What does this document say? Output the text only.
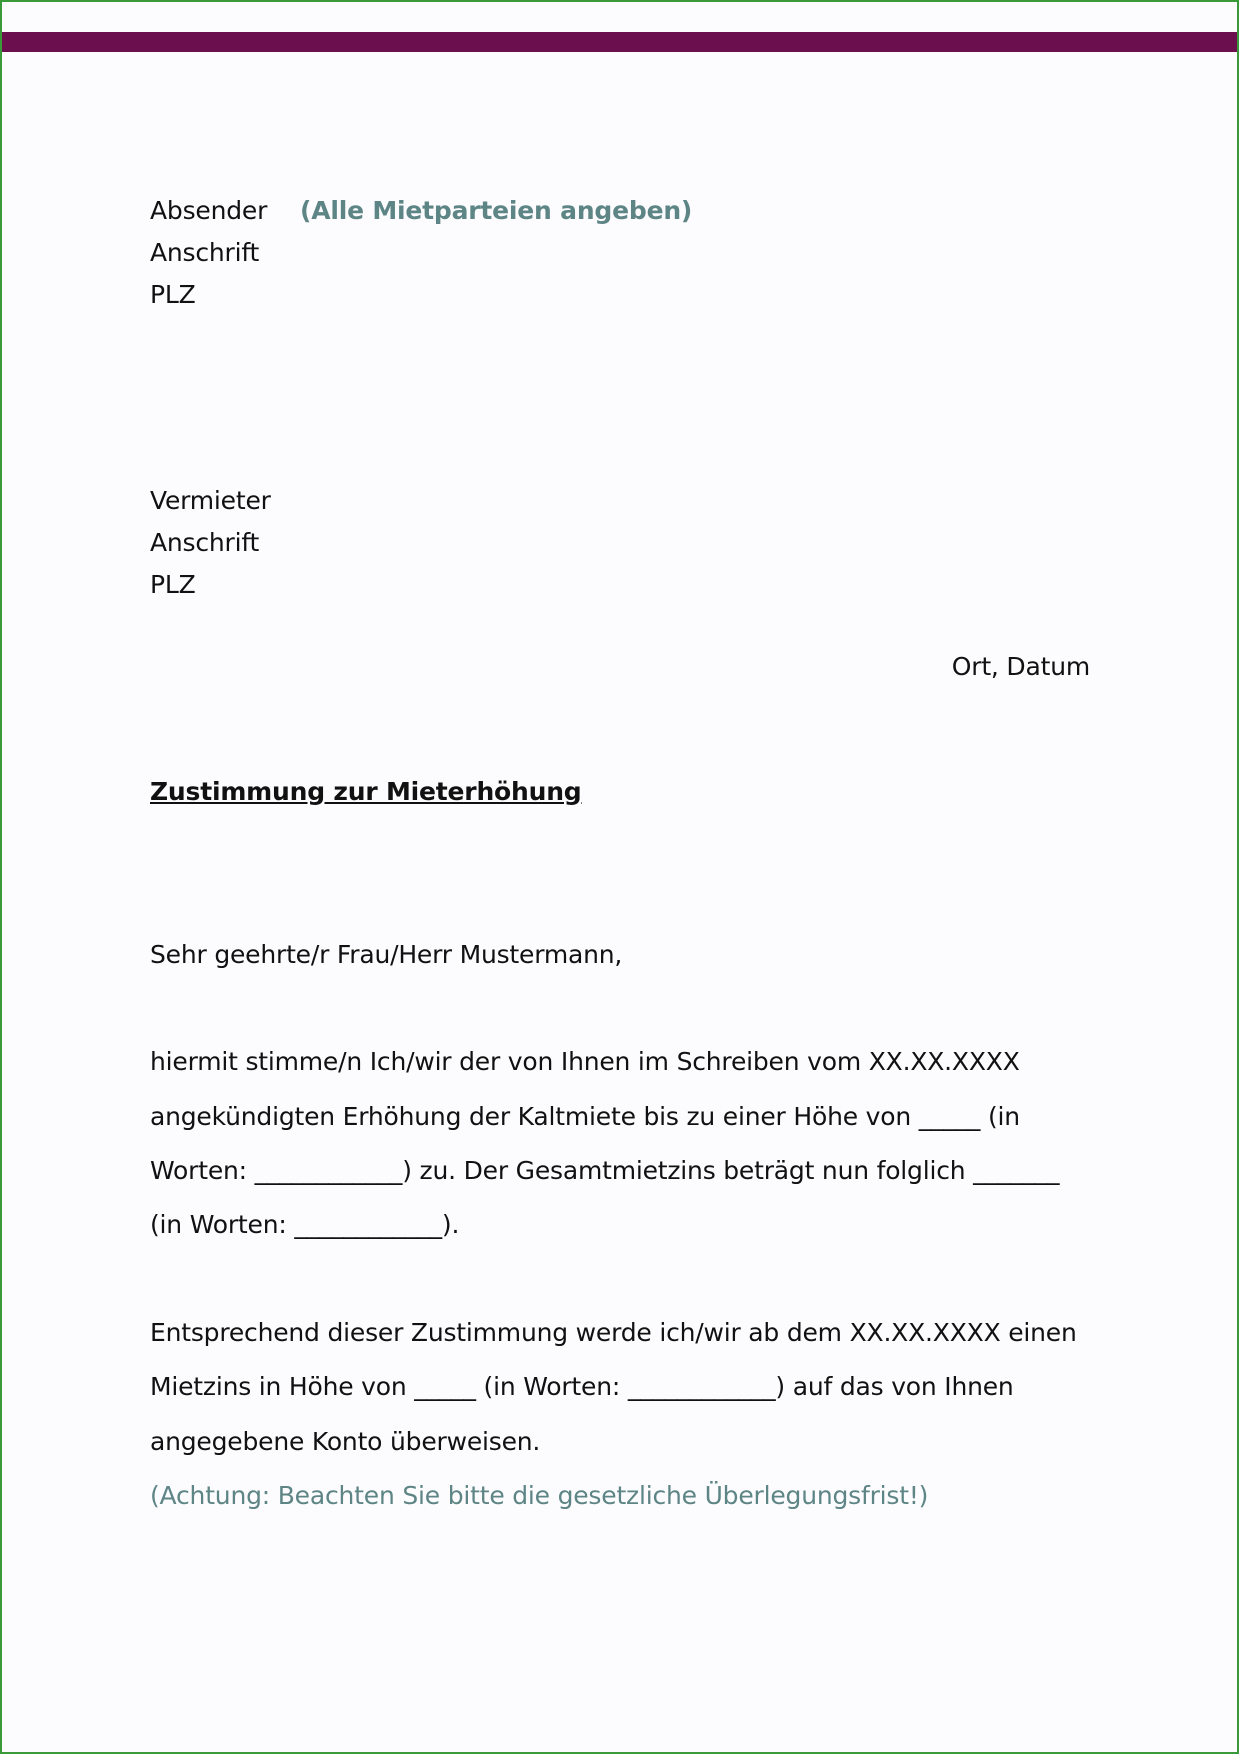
Absender (Alle Mietparteien angeben)
Anschrift
PLZ
Vermieter
Anschrift
PLZ
Ort, Datum
Zustimmung zur Mieterhöhung
Sehr geehrte/r Frau/Herr Mustermann,
hiermit stimme/n Ich/wir der von Ihnen im Schreiben vom XX.XX.XXXX
angekündigten Erhöhung der Kaltmiete bis zu einer Höhe von _____ (in
Worten: ____________) zu. Der Gesamtmietzins beträgt nun folglich _______
(in Worten: ____________).
Entsprechend dieser Zustimmung werde ich/wir ab dem XX.XX.XXXX einen
Mietzins in Höhe von _____ (in Worten: ____________) auf das von Ihnen
angegebene Konto überweisen.
(Achtung: Beachten Sie bitte die gesetzliche Überlegungsfrist!)
